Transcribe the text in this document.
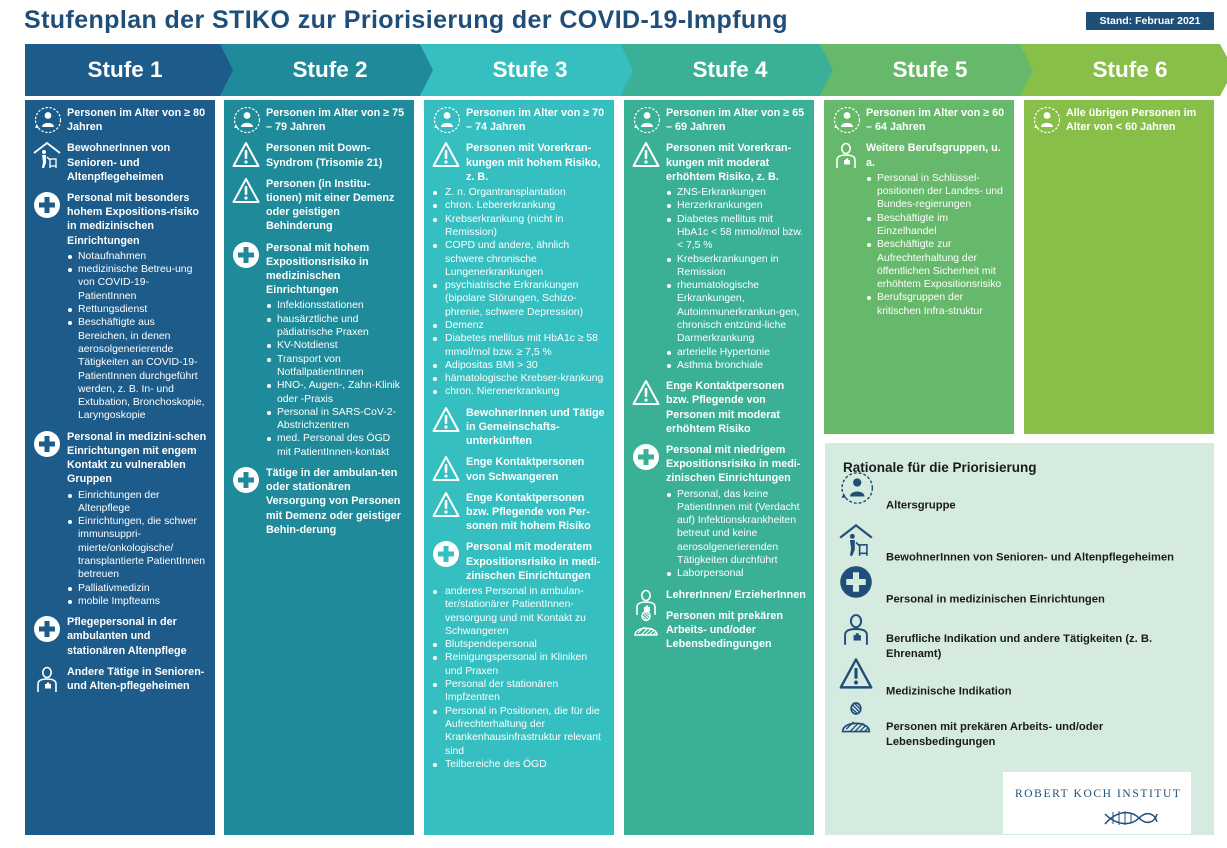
Stufenplan der STIKO zur Priorisierung der COVID-19-Impfung	Stand: Februar 2021
Stufe 1	Stufe 2	Stufe 3	Stufe 4	Stufe 5	Stufe 6
Personen im Alter von ≥ 80 Jahren
BewohnerInnen von Senioren- und Altenpflegeheimen
Personal mit besonders hohem Expositions-risiko in medizinischen Einrichtungen
Notaufnahmen
medizinische Betreu-ung von COVID-19-PatientInnen
Rettungsdienst
Beschäftigte aus Bereichen, in denen aerosolgenerierende Tätigkeiten an COVID-19-PatientInnen durchgeführt werden, z. B. In- und Extubation, Bronchoskopie, Laryngoskopie
Personal in medizini-schen Einrichtungen mit engem Kontakt zu vulnerablen Gruppen
Einrichtungen der Altenpflege
Einrichtungen, die schwer immunsuppri-mierte/onkologische/ transplantierte PatientInnen betreuen
Palliativmedizin
mobile Impfteams
Pflegepersonal in der ambulanten und stationären Altenpflege
Andere Tätige in Senioren- und Alten-pflegeheimen
Personen im Alter von ≥ 75 – 79 Jahren
Personen mit Down-Syndrom (Trisomie 21)
Personen (in Institu-tionen) mit einer Demenz oder geistigen Behinderung
Personal mit hohem Expositionsrisiko in medizinischen Einrichtungen
Infektionsstationen
hausärztliche und pädiatrische Praxen
KV-Notdienst
Transport von NotfallpatientInnen
HNO-, Augen-, Zahn-Klinik oder -Praxis
Personal in SARS-CoV-2-Abstrichzentren
med. Personal des ÖGD mit PatientInnen-kontakt
Tätige in der ambulan-ten oder stationären Versorgung von Personen mit Demenz oder geistiger Behin-derung
Personen im Alter von ≥ 70 – 74 Jahren
Personen mit Vorerkran-kungen mit hohem Risiko, z. B.
Z. n. Organtransplantation
chron. Lebererkrankung
Krebserkrankung (nicht in Remission)
COPD und andere, ähnlich schwere chronische Lungenerkrankungen
psychiatrische Erkrankungen (bipolare Störungen, Schizo-phrenie, schwere Depression)
Demenz
Diabetes mellitus mit HbA1c ≥ 58 mmol/mol bzw. ≥ 7,5 %
Adipositas BMI > 30
hämatologische Krebser-krankung
chron. Nierenerkrankung
BewohnerInnen und Tätige in Gemeinschafts-unterkünften
Enge Kontaktpersonen von Schwangeren
Enge Kontaktpersonen bzw. Pflegende von Per-sonen mit hohem Risiko
Personal mit moderatem Expositionsrisiko in medi-zinischen Einrichtungen
anderes Personal in ambulan-ter/stationärer PatientInnen-versorgung und mit Kontakt zu Schwangeren
Blutspendepersonal
Reinigungspersonal in Kliniken und Praxen
Personal der stationären Impfzentren
Personal in Positionen, die für die Aufrechterhaltung der Krankenhausinfrastruktur relevant sind
Teilbereiche des ÖGD
Personen im Alter von ≥ 65 – 69 Jahren
Personen mit Vorerkran-kungen mit moderat erhöhtem Risiko, z. B.
ZNS-Erkrankungen
Herzerkrankungen
Diabetes mellitus mit HbA1c < 58 mmol/mol bzw. < 7,5 %
Krebserkrankungen in Remission
rheumatologische Erkrankungen, Autoimmunerkrankun-gen, chronisch entzünd-liche Darmerkrankung
arterielle Hypertonie
Asthma bronchiale
Enge Kontaktpersonen bzw. Pflegende von Personen mit moderat erhöhtem Risiko
Personal mit niedrigem Expositionsrisiko in medi-zinischen Einrichtungen
Personal, das keine PatientInnen mit (Verdacht auf) Infektionskrankheiten betreut und keine aerosolgenerierenden Tätigkeiten durchführt
Laborpersonal
LehrerInnen/ ErzieherInnen
Personen mit prekären Arbeits- und/oder Lebensbedingungen
Personen im Alter von ≥ 60 – 64 Jahren
Weitere Berufsgruppen, u. a.
Personal in Schlüssel-positionen der Landes- und Bundes-regierungen
Beschäftigte im Einzelhandel
Beschäftigte zur Aufrechterhaltung der öffentlichen Sicherheit mit erhöhtem Expositionsrisiko
Berufsgruppen der kritischen Infra-struktur
Alle übrigen Personen im Alter von < 60 Jahren
Rationale für die Priorisierung
Altersgruppe
BewohnerInnen von Senioren- und Altenpflegeheimen
Personal in medizinischen Einrichtungen
Berufliche Indikation und andere Tätigkeiten (z. B. Ehrenamt)
Medizinische Indikation
Personen mit prekären Arbeits- und/oder Lebensbedingungen
ROBERT KOCH INSTITUT
